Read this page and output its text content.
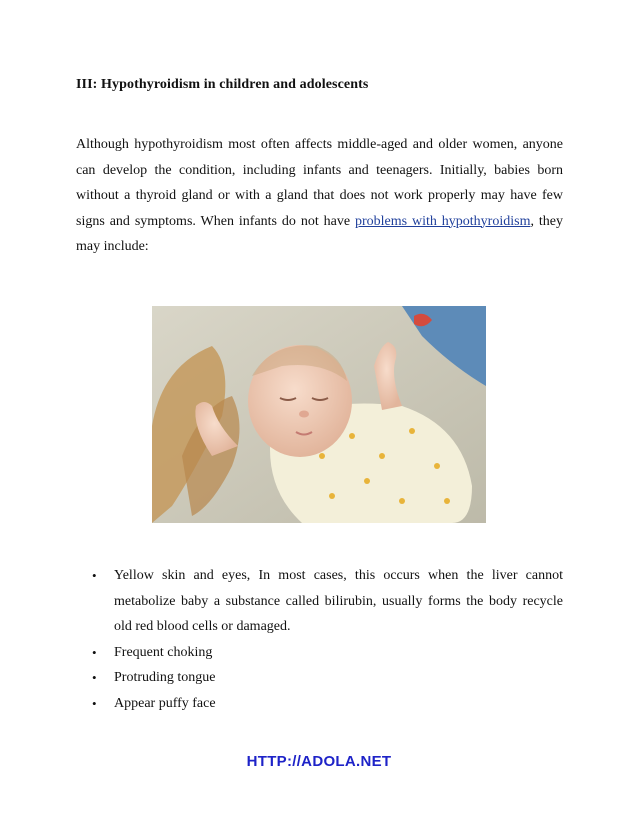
III: Hypothyroidism in children and adolescents

Although hypothyroidism most often affects middle-aged and older women, anyone can develop the condition, including infants and teenagers. Initially, babies born without a thyroid gland or with a gland that does not work properly may have few signs and symptoms. When infants do not have problems with hypothyroidism, they may include:

• Yellow skin and eyes, In most cases, this occurs when the liver cannot metabolize baby a substance called bilirubin, usually forms the body recycle old red blood cells or damaged.
• Frequent choking
• Protruding tongue
• Appear puffy face
HTTP://ADOLA.NET
